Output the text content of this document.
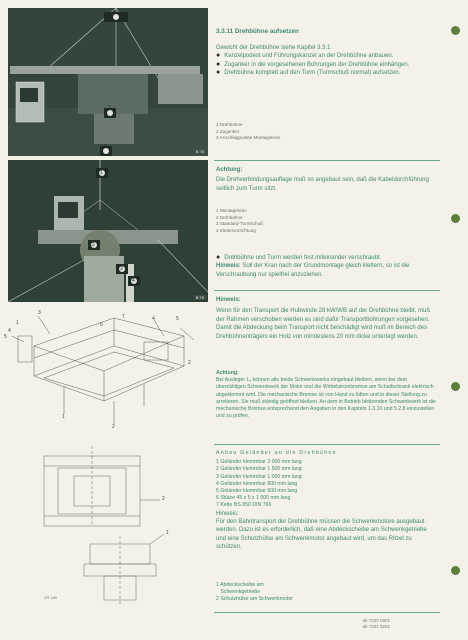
3
1
2
B 75
1
2
3
4
B 76
3
4
1
5
5
4
6
7
1
2
2
2
1
ZR 180
3.3.11 Drehbühne aufsetzen

Gewicht der Drehbühne siehe Kapitel 3.3.1

● Kanzelpodest und Führungskanzel an der Drehbühne anbauen.

● Zuganker in die vorgesehenen Bohrungen der Drehbühne einhängen.

● Drehbühne komplett auf den Turm (Turmschuß normal) aufsetzen.

1 Drehbühne
2 Zuganker
3 Anschlagpunkte Montagekran
Achtung:

Die Drehverbindungsauflage muß so angebaut sein, daß die Kabeldurchführung seitlich zum Turm sitzt.

1 Montagekran
2 Drehbühne
3 Standard-Turmschuß
4 Klettervorrichtung

● Drehbühne und Turm werden fest miteinander verschraubt.

Hinweis: Soll der Kran nach der Grundmontage gleich klettern, so ist die Verschraubung nur spielfrei anzuziehen.

Hinweis:

Wenn für den Transport die Hubwinde 28 kW/WB auf der Drehbühne bleibt, muß der Rahmen verschoben werden es sind dafür Transportbohrungen vorgesehen.

Damit die Abdeckung beim Transport nicht beschädigt wird muß im Bereich des Drehbühnenträgers ein Holz von mindestens 20 mm dicke unterlegt werden.

Achtung:

Bei Ausleger L₁ können alle beide Schwenkwerks eingebaut bleiben, wenn bei dem überzähligen Schwenkwerk der Motor und die Wirbelstrombremse am Schaltschrank elektrisch abgeklemmt wird. Die mechanische Bremse ist von Hand zu lüften und in dieser Stellung zu arretieren. Sie muß ständig geöffnet bleiben. An dem in Betrieb bleibenden Schwenkwerk ist die mechanische Bremse entsprechend den Angaben in den Kapiteln 1.3.10 und 5.2.8 einzustellen und zu prüfen.

Anbau Geländer an die Drehbühne
1 Geländer klemmbar 3 000 mm lang
2 Geländer klemmbar 1 500 mm lang
3 Geländer klemmbar 1 000 mm lang
4 Geländer klemmbar 800 mm lang
5 Geländer klemmbar 600 mm lang
6 Stütze 45 x 5 x 1 000 mm lang
7 Kette BS 850 DIN 766
Hinweis:

Für den Bahntransport der Drehbühne müssen die Schwenkmotore ausgebaut werden. Dazu ist es erforderlich, daß eine Abdeckscheibe am Schwenkgetriebe und eine Schutzhülse am Schwenkmotor angebaut wird, um das Ritzel zu schützen.

1 Abdeckscheibe am
Schwenkgetriebe
2 Schutzhülse am Schwenkmotor
ab 7220 0801
ab 7221 0201
